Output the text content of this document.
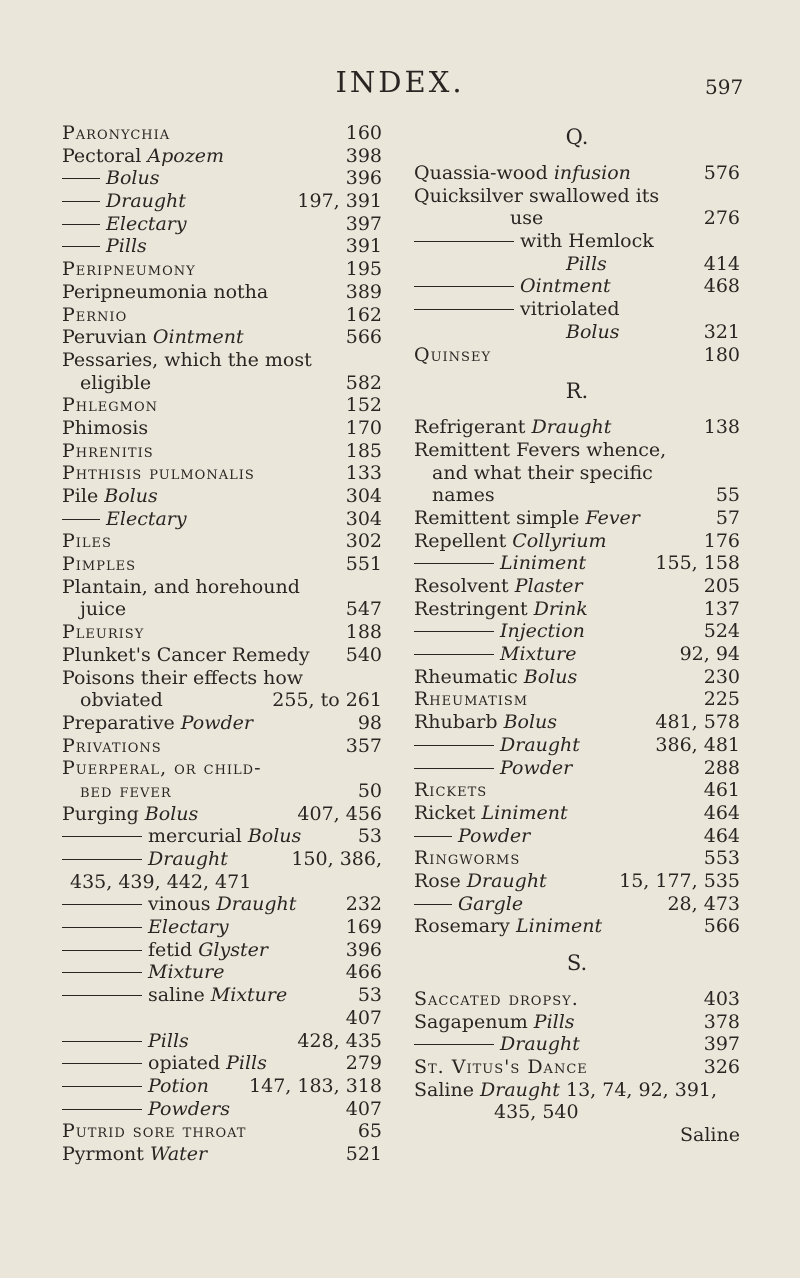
INDEX.	597
Paronychia	160
Pectoral Apozem	398
Bolus	396
Draught	197, 391
Electary	397
Pills	391
Peripneumony	195
Peripneumonia notha	389
Pernio	162
Peruvian Ointment	566
Pessaries, which the most
eligible	582
Phlegmon	152
Phimosis	170
Phrenitis	185
Phthisis pulmonalis	133
Pile Bolus	304
Electary	304
Piles	302
Pimples	551
Plantain, and horehound
juice	547
Pleurisy	188
Plunket's Cancer Remedy 540
Poisons their effects how
obviated	255, to 261
Preparative Powder	98
Privations	357
Puerperal, or child-
bed fever	50
Purging Bolus	407, 456
mercurial Bolus	53
Draught	150, 386,
435, 439, 442, 471
vinous Draught	232
Electary	169
fetid Glyster	396
Mixture	466
saline Mixture	53
407
Pills	428, 435
opiated Pills	279
Potion 147, 183, 318
Powders	407
Putrid sore throat	65
Pyrmont Water	521
Q.
Quassia-wood infusion	576
Quicksilver swallowed its
use	276
with Hemlock
Pills	414
Ointment	468
vitriolated
Bolus	321
Quinsey	180
R.
Refrigerant Draught	138
Remittent Fevers whence,
and what their specific
names	55
Remittent simple Fever	57
Repellent Collyrium	176
Liniment	155, 158
Resolvent Plaster	205
Restringent Drink	137
Injection	524
Mixture	92, 94
Rheumatic Bolus	230
Rheumatism	225
Rhubarb Bolus	481, 578
Draught	386, 481
Powder	288
Rickets	461
Ricket Liniment	464
Powder	464
Ringworms	553
Rose Draught	15, 177, 535
Gargle	28, 473
Rosemary Liniment	566
S.
Saccated dropsy.	403
Sagapenum Pills	378
Draught	397
St. Vitus's Dance	326
Saline Draught 13, 74, 92, 391,
435, 540
Saline
